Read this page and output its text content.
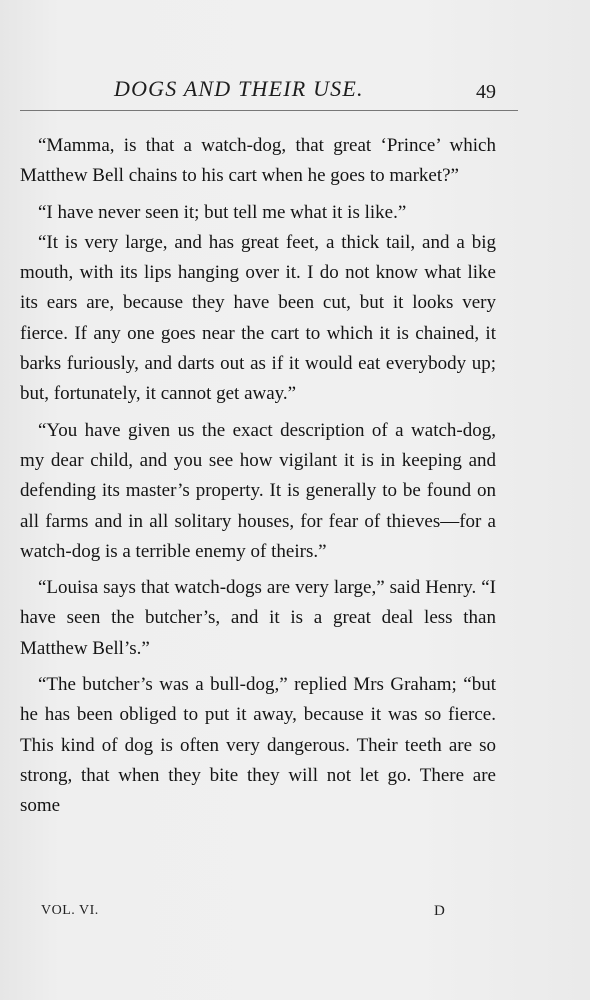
DOGS AND THEIR USE.	49

“Mamma, is that a watch-dog, that great ‘Prince’ which Matthew Bell chains to his cart when he goes to market?”

“I have never seen it; but tell me what it is like.”

“It is very large, and has great feet, a thick tail, and a big mouth, with its lips hanging over it. I do not know what like its ears are, because they have been cut, but it looks very fierce. If any one goes near the cart to which it is chained, it barks furiously, and darts out as if it would eat everybody up; but, fortunately, it cannot get away.”

“You have given us the exact description of a watch-dog, my dear child, and you see how vigilant it is in keeping and defending its master’s property. It is generally to be found on all farms and in all solitary houses, for fear of thieves—for a watch-dog is a terrible enemy of theirs.”

“Louisa says that watch-dogs are very large,” said Henry. “I have seen the butcher’s, and it is a great deal less than Matthew Bell’s.”

“The butcher’s was a bull-dog,” replied Mrs Graham; “but he has been obliged to put it away, because it was so fierce. This kind of dog is often very dangerous. Their teeth are so strong, that when they bite they will not let go. There are some

VOL. VI.	D
